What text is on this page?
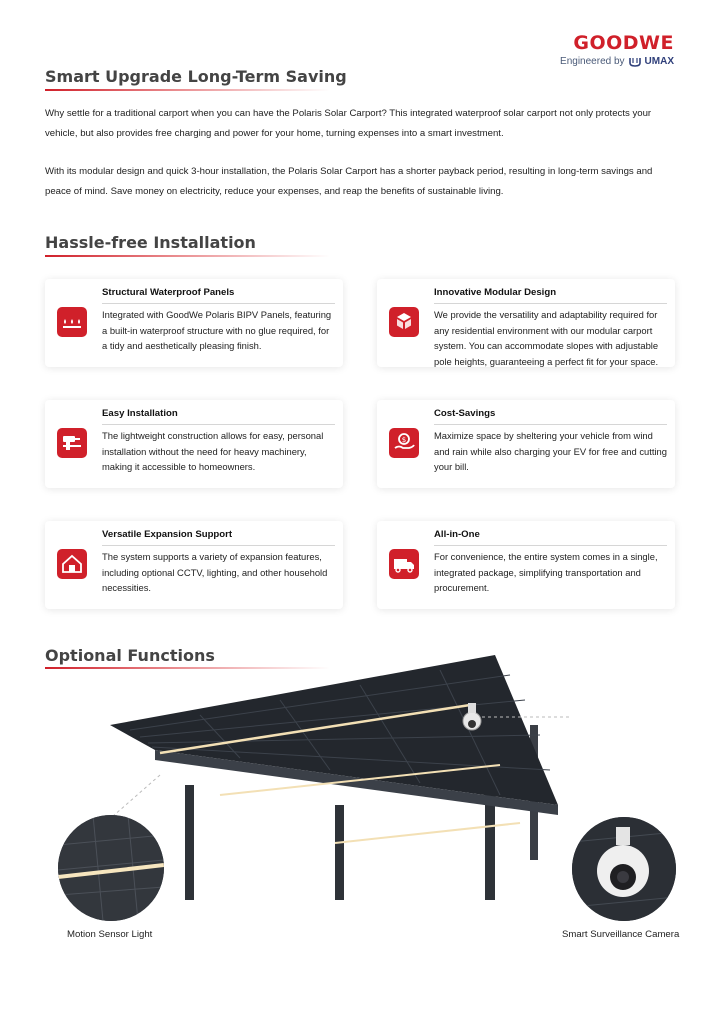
GOODWE
Engineered by UMAX
Smart Upgrade Long-Term Saving
Why settle for a traditional carport when you can have the Polaris Solar Carport? This integrated waterproof solar carport not only protects your vehicle, but also provides free charging and power for your home, turning expenses into a smart investment.
With its modular design and quick 3-hour installation, the Polaris Solar Carport has a shorter payback period, resulting in long-term savings and peace of mind. Save money on electricity, reduce your expenses, and reap the benefits of sustainable living.
Hassle-free Installation
Structural Waterproof Panels
Integrated with GoodWe Polaris BIPV Panels, featuring a built-in waterproof structure with no glue required, for a tidy and aesthetically pleasing finish.
Innovative Modular Design
We provide the versatility and adaptability required for any residential environment with our modular carport system. You can accommodate slopes with adjustable pole heights, guaranteeing a perfect fit for your space.
Easy Installation
The lightweight construction allows for easy, personal installation without the need for heavy machinery, making it accessible to homeowners.
$
Cost-Savings
Maximize space by sheltering your vehicle from wind and rain while also charging your EV for free and cutting your bill.
Versatile Expansion Support
The system supports a variety of expansion features, including optional CCTV, lighting, and other household necessities.
All-in-One
For convenience, the entire system comes in a single, integrated package, simplifying transportation and procurement.
Optional Functions
Motion Sensor Light	Smart Surveillance Camera
